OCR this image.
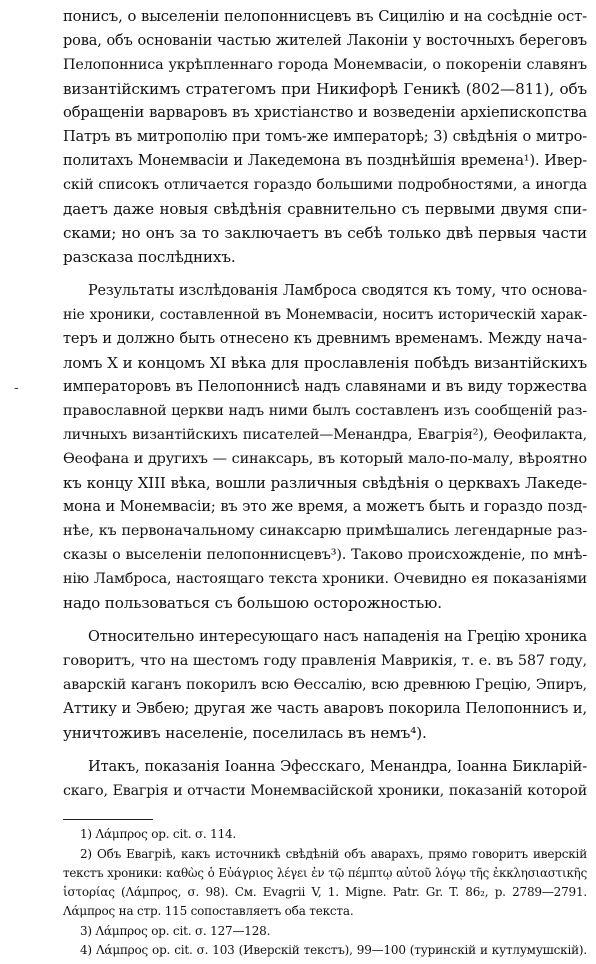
-
понисъ, о выселеніи пелопоннисцевъ въ Сицилію и на сосѣдніе ост-
рова, объ основаніи частью жителей Лаконіи у восточныхъ береговъ
Пелопонниса укрѣпленнаго города Монемвасіи, о покореніи славянъ
византійскимъ стратегомъ при Никифорѣ Геникѣ (802—811), объ
обращеніи варваровъ въ христіанство и возведеніи архіепископства
Патръ въ митрополію при томъ-же императорѣ; 3) свѣдѣнія о митро-
политахъ Монемвасіи и Лакедемона въ позднѣйшія времена¹). Ивер-
скій списокъ отличается гораздо большими подробностями, а иногда
даетъ даже новыя свѣдѣнія сравнительно съ первыми двумя спи-
сками; но онъ за то заключаетъ въ себѣ только двѣ первыя части
разсказа послѣднихъ.
Результаты изслѣдованія Ламброса сводятся къ тому, что основа-
ніе хроники, составленной въ Монемвасіи, носитъ историческій харак-
теръ и должно быть отнесено къ древнимъ временамъ. Между нача-
ломъ Х и концомъ XI вѣка для прославленія побѣдъ византійскихъ
императоровъ въ Пелопоннисѣ надъ славянами и въ виду торжества
православной церкви надъ ними былъ составленъ изъ сообщеній раз-
личныхъ византійскихъ писателей—Менандра, Евагрія²), Ѳеофилакта,
Ѳеофана и другихъ — синаксарь, въ который мало-по-малу, вѣроятно
къ концу XIII вѣка, вошли различныя свѣдѣнія о церквахъ Лакеде-
мона и Монемвасіи; въ это же время, а можетъ быть и гораздо позд-
нѣе, къ первоначальному синаксарю примѣшались легендарные раз-
сказы о выселеніи пелопоннисцевъ³). Таково происхожденіе, по мнѣ-
нію Ламброса, настоящаго текста хроники. Очевидно ея показаніями
надо пользоваться съ большою осторожностью.
Относительно интересующаго насъ нападенія на Грецію хроника
говоритъ, что на шестомъ году правленія Маврикія, т. е. въ 587 году,
аварскій каганъ покорилъ всю Ѳессалію, всю древнюю Грецію, Эпиръ,
Аттику и Эвбею; другая же часть аваровъ покорила Пелопоннисъ и,
уничтоживъ населеніе, поселилась въ немъ⁴).
Итакъ, показанія Іоанна Эфесскаго, Менандра, Іоанна Бикларій-
скаго, Евагрія и отчасти Монемвасійской хроники, показаній которой
1) Λάμπρος op. cit. σ. 114.
2) Объ Евагріѣ, какъ источникѣ свѣдѣній объ аварахъ, прямо говоритъ иверскій
текстъ хроники: καθὼς ὁ Εὐάγριος λέγει ἐν τῷ πέμπτῳ αὐτοῦ λόγῳ τῆς ἐκκλησιαστικῆς
ἱστορίας (Λάμπρος, σ. 98). См. Evagrii V, 1. Migne. Patr. Gr. T. 86₂, p. 2789—2791.
Λάμπρος на стр. 115 сопоставляетъ оба текста.
3) Λάμπρος op. cit. σ. 127—128.
4) Λάμπρος op. cit. σ. 103 (Иверскій текстъ), 99—100 (туринскій и кутлумушскій).
